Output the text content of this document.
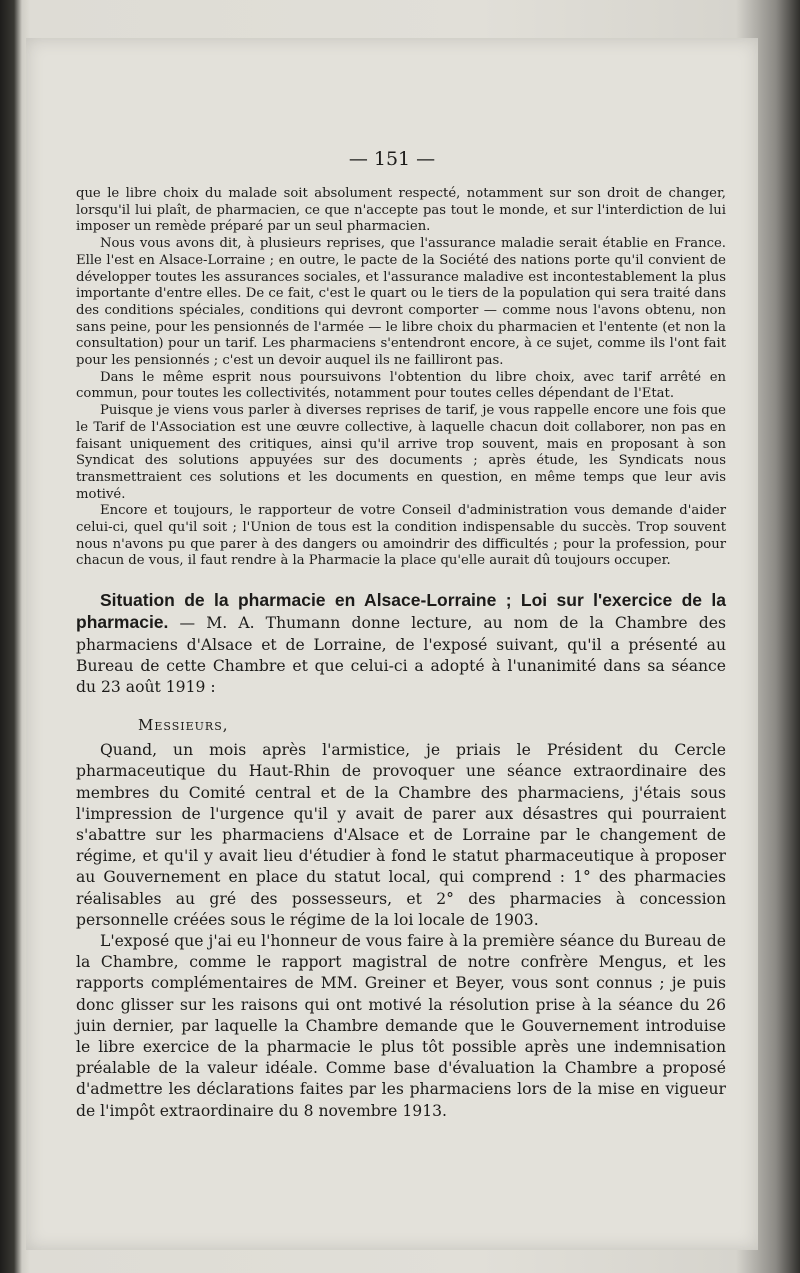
— 151 —

que le libre choix du malade soit absolument respecté, notamment sur son droit de changer, lorsqu'il lui plaît, de pharmacien, ce que n'accepte pas tout le monde, et sur l'interdiction de lui imposer un remède préparé par un seul pharmacien.

Nous vous avons dit, à plusieurs reprises, que l'assurance maladie serait établie en France. Elle l'est en Alsace-Lorraine ; en outre, le pacte de la Société des nations porte qu'il convient de développer toutes les assurances sociales, et l'assurance maladive est incontestablement la plus importante d'entre elles. De ce fait, c'est le quart ou le tiers de la population qui sera traité dans des conditions spéciales, conditions qui devront comporter — comme nous l'avons obtenu, non sans peine, pour les pensionnés de l'armée — le libre choix du pharmacien et l'entente (et non la consultation) pour un tarif. Les pharmaciens s'entendront encore, à ce sujet, comme ils l'ont fait pour les pensionnés ; c'est un devoir auquel ils ne failliront pas.

Dans le même esprit nous poursuivons l'obtention du libre choix, avec tarif arrêté en commun, pour toutes les collectivités, notamment pour toutes celles dépendant de l'Etat.

Puisque je viens vous parler à diverses reprises de tarif, je vous rappelle encore une fois que le Tarif de l'Association est une œuvre collective, à laquelle chacun doit collaborer, non pas en faisant uniquement des critiques, ainsi qu'il arrive trop souvent, mais en proposant à son Syndicat des solutions appuyées sur des documents ; après étude, les Syndicats nous transmettraient ces solutions et les documents en question, en même temps que leur avis motivé.

Encore et toujours, le rapporteur de votre Conseil d'administration vous demande d'aider celui-ci, quel qu'il soit ; l'Union de tous est la condition indispensable du succès. Trop souvent nous n'avons pu que parer à des dangers ou amoindrir des difficultés ; pour la profession, pour chacun de vous, il faut rendre à la Pharmacie la place qu'elle aurait dû toujours occuper.

Situation de la pharmacie en Alsace-Lorraine ; Loi sur l'exercice de la pharmacie. — M. A. Thumann donne lecture, au nom de la Chambre des pharmaciens d'Alsace et de Lorraine, de l'exposé suivant, qu'il a présenté au Bureau de cette Chambre et que celui-ci a adopté à l'unanimité dans sa séance du 23 août 1919 :

Messieurs,

Quand, un mois après l'armistice, je priais le Président du Cercle pharmaceutique du Haut-Rhin de provoquer une séance extraordinaire des membres du Comité central et de la Chambre des pharmaciens, j'étais sous l'impression de l'urgence qu'il y avait de parer aux désastres qui pourraient s'abattre sur les pharmaciens d'Alsace et de Lorraine par le changement de régime, et qu'il y avait lieu d'étudier à fond le statut pharmaceutique à proposer au Gouvernement en place du statut local, qui comprend : 1° des pharmacies réalisables au gré des possesseurs, et 2° des pharmacies à concession personnelle créées sous le régime de la loi locale de 1903.

L'exposé que j'ai eu l'honneur de vous faire à la première séance du Bureau de la Chambre, comme le rapport magistral de notre confrère Mengus, et les rapports complémentaires de MM. Greiner et Beyer, vous sont connus ; je puis donc glisser sur les raisons qui ont motivé la résolution prise à la séance du 26 juin dernier, par laquelle la Chambre demande que le Gouvernement introduise le libre exercice de la pharmacie le plus tôt possible après une indemnisation préalable de la valeur idéale. Comme base d'évaluation la Chambre a proposé d'admettre les déclarations faites par les pharmaciens lors de la mise en vigueur de l'impôt extraordinaire du 8 novembre 1913.
